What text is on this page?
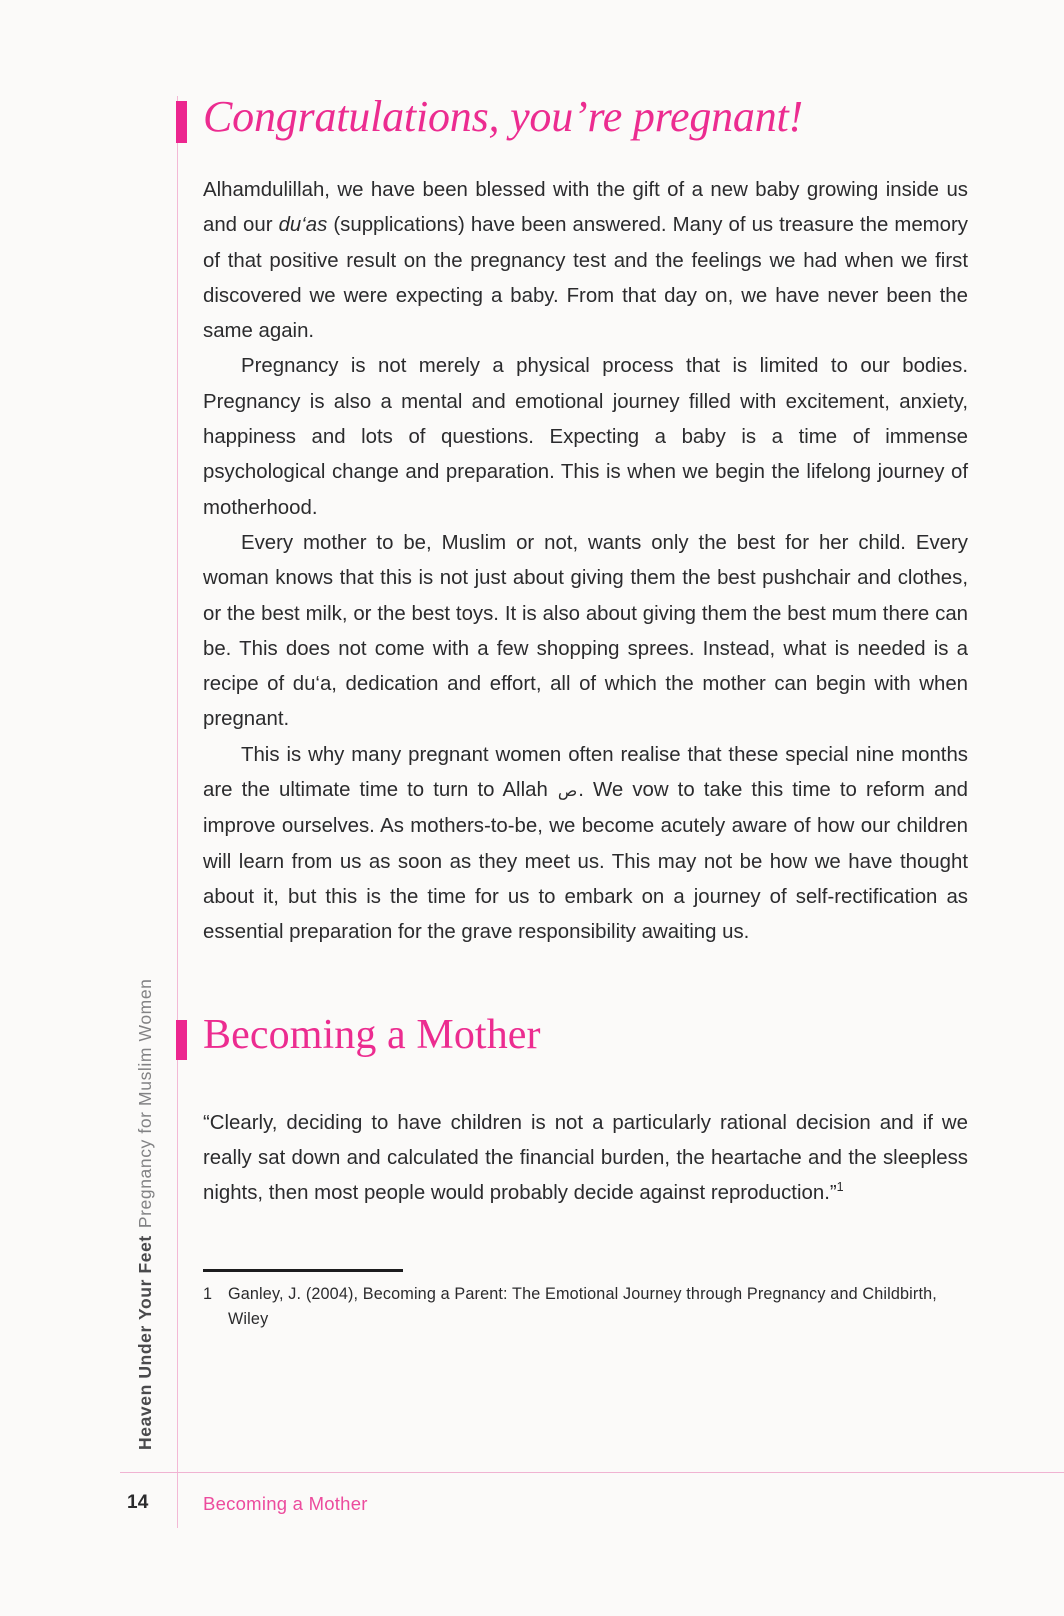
Heaven Under Your Feet
Pregnancy for Muslim Women
Congratulations, you’re pregnant!

Alhamdulillah, we have been blessed with the gift of a new baby growing inside us and our du‘as (supplications) have been answered. Many of us treasure the memory of that positive result on the pregnancy test and the feelings we had when we first discovered we were expecting a baby. From that day on, we have never been the same again.

Pregnancy is not merely a physical process that is limited to our bodies. Pregnancy is also a mental and emotional journey filled with excitement, anxiety, happiness and lots of questions. Expecting a baby is a time of immense psychological change and preparation. This is when we begin the lifelong journey of motherhood.

Every mother to be, Muslim or not, wants only the best for her child. Every woman knows that this is not just about giving them the best pushchair and clothes, or the best milk, or the best toys. It is also about giving them the best mum there can be. This does not come with a few shopping sprees. Instead, what is needed is a recipe of du‘a, dedication and effort, all of which the mother can begin with when pregnant.

This is why many pregnant women often realise that these special nine months are the ultimate time to turn to Allah ص. We vow to take this time to reform and improve ourselves. As mothers-to-be, we become acutely aware of how our children will learn from us as soon as they meet us. This may not be how we have thought about it, but this is the time for us to embark on a journey of self-rectification as essential preparation for the grave responsibility awaiting us.

Becoming a Mother

“Clearly, deciding to have children is not a particularly rational decision and if we really sat down and calculated the financial burden, the heartache and the sleepless nights, then most people would probably decide against reproduction.”$^1$

1 Ganley, J. (2004), Becoming a Parent: The Emotional Journey through Pregnancy and Childbirth, Wiley
14	Becoming a Mother
